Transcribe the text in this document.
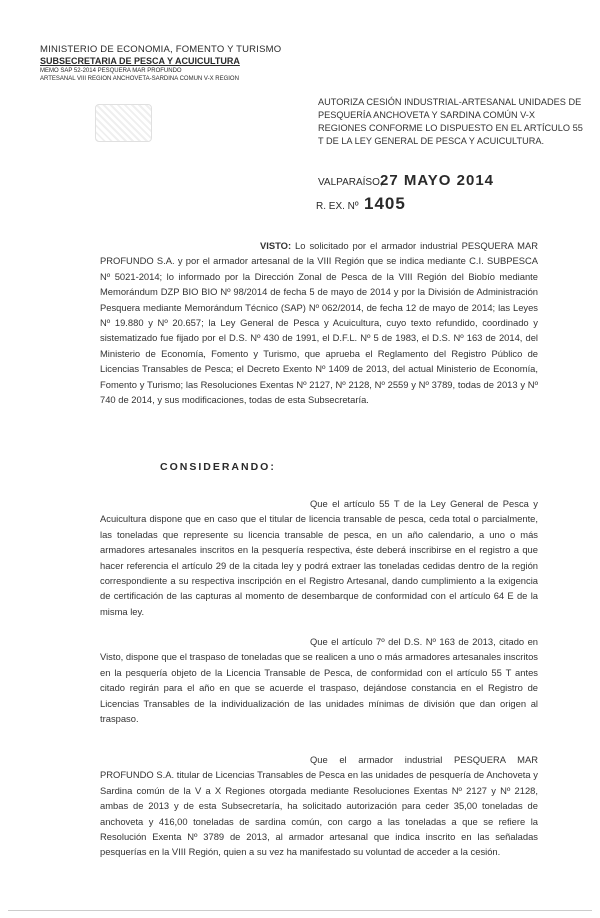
MINISTERIO DE ECONOMIA, FOMENTO Y TURISMO
SUBSECRETARIA DE PESCA Y ACUICULTURA
MEMO SAP 52-2014 PESQUERA MAR PROFUNDO
ARTESANAL VIII REGION ANCHOVETA-SARDINA COMUN V-X REGION
AUTORIZA CESIÓN INDUSTRIAL-ARTESANAL UNIDADES DE PESQUERÍA ANCHOVETA Y SARDINA COMÚN V-X REGIONES CONFORME LO DISPUESTO EN EL ARTÍCULO 55 T DE LA LEY GENERAL DE PESCA Y ACUICULTURA.
VALPARAÍSO,
27 MAYO 2014
R. EX. Nº 1405
VISTO: Lo solicitado por el armador industrial PESQUERA MAR PROFUNDO S.A. y por el armador artesanal de la VIII Región que se indica mediante C.I. SUBPESCA Nº 5021-2014; lo informado por la Dirección Zonal de Pesca de la VIII Región del Biobío mediante Memorándum DZP BIO BIO Nº 98/2014 de fecha 5 de mayo de 2014 y por la División de Administración Pesquera mediante Memorándum Técnico (SAP) Nº 062/2014, de fecha 12 de mayo de 2014; las Leyes Nº 19.880 y Nº 20.657; la Ley General de Pesca y Acuicultura, cuyo texto refundido, coordinado y sistematizado fue fijado por el D.S. Nº 430 de 1991, el D.F.L. Nº 5 de 1983, el D.S. Nº 163 de 2014, del Ministerio de Economía, Fomento y Turismo, que aprueba el Reglamento del Registro Público de Licencias Transables de Pesca; el Decreto Exento Nº 1409 de 2013, del actual Ministerio de Economía, Fomento y Turismo; las Resoluciones Exentas Nº 2127, Nº 2128, Nº 2559 y Nº 3789, todas de 2013 y Nº 740 de 2014, y sus modificaciones, todas de esta Subsecretaría.
CONSIDERANDO:
Que el artículo 55 T de la Ley General de Pesca y Acuicultura dispone que en caso que el titular de licencia transable de pesca, ceda total o parcialmente, las toneladas que represente su licencia transable de pesca, en un año calendario, a uno o más armadores artesanales inscritos en la pesquería respectiva, éste deberá inscribirse en el registro a que hacer referencia el artículo 29 de la citada ley y podrá extraer las toneladas cedidas dentro de la región correspondiente a su respectiva inscripción en el Registro Artesanal, dando cumplimiento a la exigencia de certificación de las capturas al momento de desembarque de conformidad con el artículo 64 E de la misma ley.
Que el artículo 7º del D.S. Nº 163 de 2013, citado en Visto, dispone que el traspaso de toneladas que se realicen a uno o más armadores artesanales inscritos en la pesquería objeto de la Licencia Transable de Pesca, de conformidad con el artículo 55 T antes citado regirán para el año en que se acuerde el traspaso, dejándose constancia en el Registro de Licencias Transables de la individualización de las unidades mínimas de división que dan origen al traspaso.
Que el armador industrial PESQUERA MAR PROFUNDO S.A. titular de Licencias Transables de Pesca en las unidades de pesquería de Anchoveta y Sardina común de la V a X Regiones otorgada mediante Resoluciones Exentas Nº 2127 y Nº 2128, ambas de 2013 y de esta Subsecretaría, ha solicitado autorización para ceder 35,00 toneladas de anchoveta y 416,00 toneladas de sardina común, con cargo a las toneladas a que se refiere la Resolución Exenta Nº 3789 de 2013, al armador artesanal que indica inscrito en las señaladas pesquerías en la VIII Región, quien a su vez ha manifestado su voluntad de acceder a la cesión.
